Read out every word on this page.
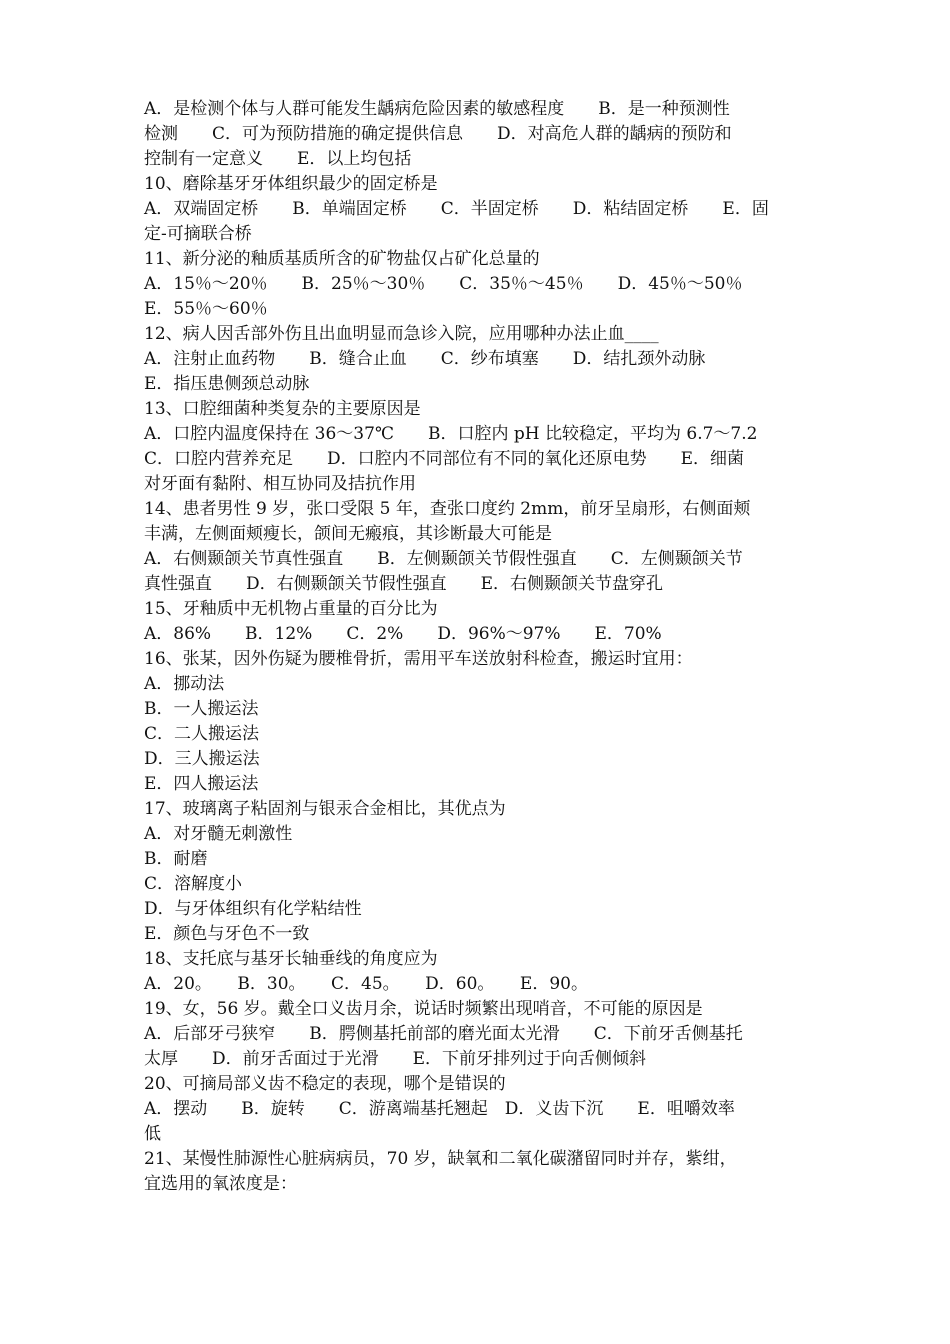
A．是检测个体与人群可能发生龋病危险因素的敏感程度　　B．是一种预测性
检测　　C．可为预防措施的确定提供信息　　D．对高危人群的龋病的预防和
控制有一定意义　　E．以上均包括
10、磨除基牙牙体组织最少的固定桥是
A．双端固定桥　　B．单端固定桥　　C．半固定桥　　D．粘结固定桥　　E．固
定-可摘联合桥
11、新分泌的釉质基质所含的矿物盐仅占矿化总量的
A．15％～20％　　B．25％～30％　　C．35％～45％　　D．45％～50％
E．55％～60％
12、病人因舌部外伤且出血明显而急诊入院，应用哪种办法止血____
A．注射止血药物　　B．缝合止血　　C．纱布填塞　　D．结扎颈外动脉
E．指压患侧颈总动脉
13、口腔细菌种类复杂的主要原因是
A．口腔内温度保持在 36～37℃　　B．口腔内 pH 比较稳定，平均为 6.7～7.2
C．口腔内营养充足　　D．口腔内不同部位有不同的氧化还原电势　　E．细菌
对牙面有黏附、相互协同及拮抗作用
14、患者男性 9 岁，张口受限 5 年，查张口度约 2mm，前牙呈扇形，右侧面颊
丰满，左侧面颊瘦长，颌间无瘢痕，其诊断最大可能是
A．右侧颞颌关节真性强直　　B．左侧颞颌关节假性强直　　C．左侧颞颌关节
真性强直　　D．右侧颞颌关节假性强直　　E．右侧颞颌关节盘穿孔
15、牙釉质中无机物占重量的百分比为
A．86%　　B．12%　　C．2%　　D．96%～97%　　E．70%
16、张某，因外伤疑为腰椎骨折，需用平车送放射科检查，搬运时宜用：
A．挪动法
B．一人搬运法
C．二人搬运法
D．三人搬运法
E．四人搬运法
17、玻璃离子粘固剂与银汞合金相比，其优点为
A．对牙髓无刺激性
B．耐磨
C．溶解度小
D．与牙体组织有化学粘结性
E．颜色与牙色不一致
18、支托底与基牙长轴垂线的角度应为
A．20。　　B．30。　　C．45。　　D．60。　　E．90。
19、女，56 岁。戴全口义齿月余，说话时频繁出现哨音，不可能的原因是
A．后部牙弓狭窄　　B．腭侧基托前部的磨光面太光滑　　C．下前牙舌侧基托
太厚　　D．前牙舌面过于光滑　　E．下前牙排列过于向舌侧倾斜
20、可摘局部义齿不稳定的表现，哪个是错误的
A．摆动　　B．旋转　　C．游离端基托翘起　D．义齿下沉　　E．咀嚼效率
低
21、某慢性肺源性心脏病病员，70 岁，缺氧和二氧化碳潴留同时并存，紫绀，
宜选用的氧浓度是：
